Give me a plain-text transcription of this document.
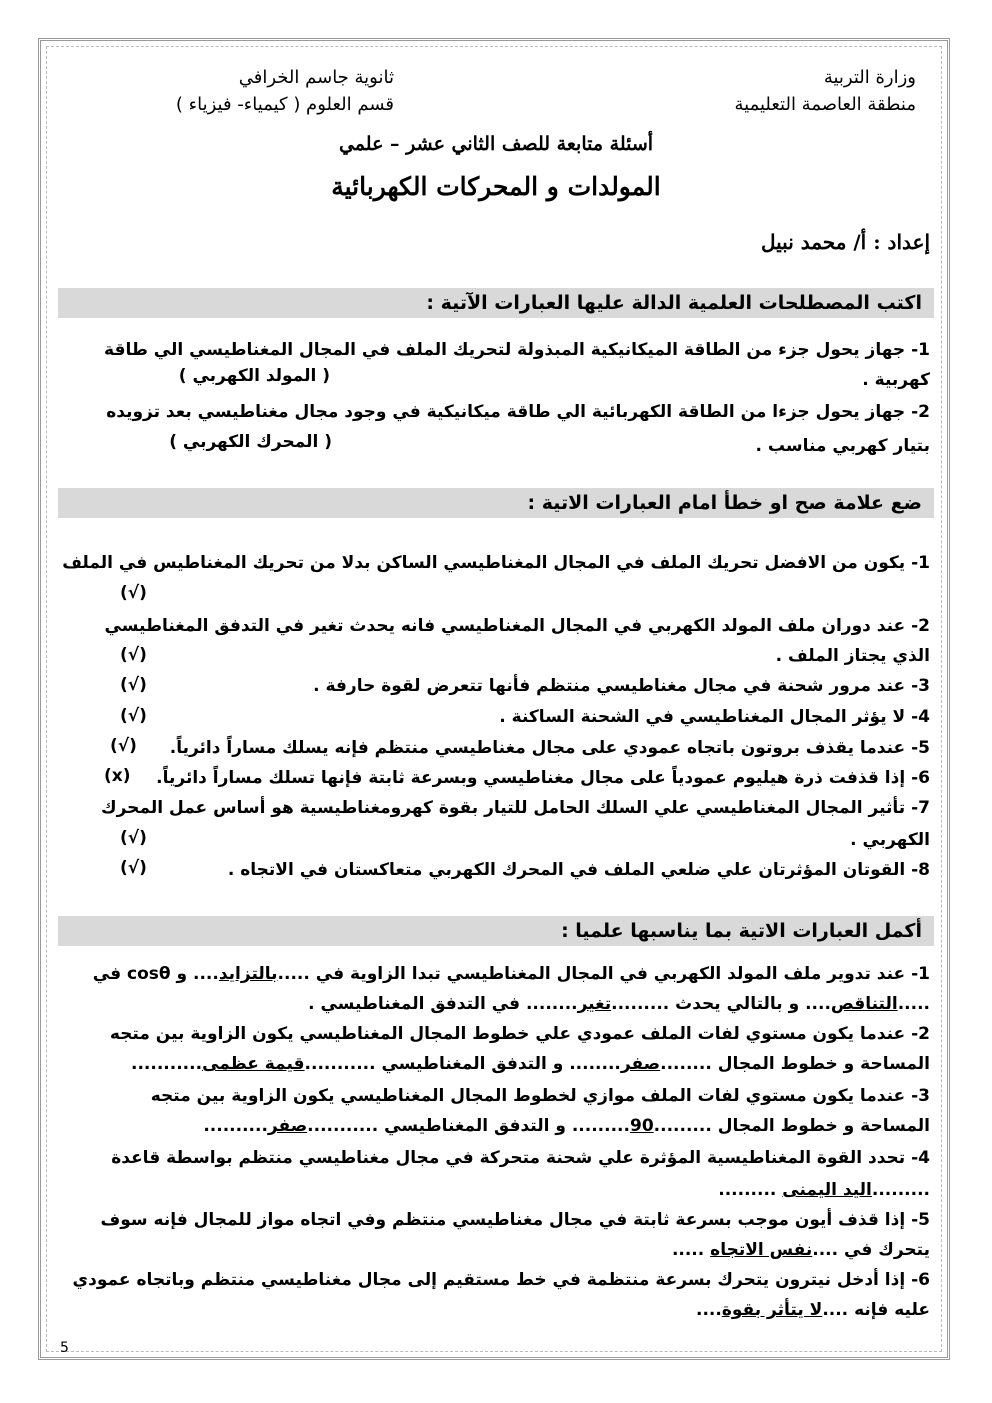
وزارة التربية
منطقة العاصمة التعليمية
ثانوية جاسم الخرافي
قسم العلوم ( كيمياء- فيزياء )
أسئلة متابعة للصف الثاني عشر – علمي
المولدات و المحركات الكهربائية
إعداد : أ/ محمد نبيل
اكتب المصطلحات العلمية الدالة عليها العبارات الآتية :
1- جهاز يحول جزء من الطاقة الميكانيكية المبذولة لتحريك الملف في المجال المغناطيسي الي طاقة
كهربية .
( المولد الكهربي )
2- جهاز يحول جزءا من الطاقة الكهربائية الي طاقة ميكانيكية في وجود مجال مغناطيسي بعد تزويده
بتيار كهربي مناسب .
( المحرك الكهربي )
ضع علامة صح او خطأ امام العبارات الاتية :
1- يكون من الافضل تحريك الملف في المجال المغناطيسي الساكن بدلا من تحريك المغناطيس في الملف
(√)
2- عند دوران ملف المولد الكهربي في المجال المغناطيسي فانه يحدث تغير في التدفق المغناطيسي
الذي يجتاز الملف .
(√)
3- عند مرور شحنة في مجال مغناطيسي منتظم فأنها تتعرض لقوة حارفة .
(√)
4- لا يؤثر المجال المغناطيسي في الشحنة الساكنة .
(√)
5- عندما يقذف بروتون باتجاه عمودي على مجال مغناطيسي منتظم فإنه يسلك مساراً دائرياً.
(√)
6- إذا قذفت ذرة هيليوم عمودياً على مجال مغناطيسي وبسرعة ثابتة فإنها تسلك مساراً دائرياً.
(x)
7- تأثير المجال المغناطيسي علي السلك الحامل للتيار بقوة كهرومغناطيسية هو أساس عمل المحرك
الكهربي .
(√)
8- القوتان المؤثرتان علي ضلعي الملف في المحرك الكهربي متعاكستان في الاتجاه .
(√)
أكمل العبارات الاتية بما يناسبها علميا :
1- عند تدوير ملف المولد الكهربي في المجال المغناطيسي تبدا الزاوية في .....بالتزايد.... و cosθ في
.....التناقص.... و بالتالي يحدث .........تغير........ في التدفق المغناطيسي .
2- عندما يكون مستوي لفات الملف عمودي علي خطوط المجال المغناطيسي يكون الزاوية بين متجه
المساحة و خطوط المجال ........صفر........ و التدفق المغناطيسي ...........قيمة عظمى...........
3- عندما يكون مستوي لفات الملف موازي لخطوط المجال المغناطيسي يكون الزاوية بين متجه
المساحة و خطوط المجال .........90......... و التدفق المغناطيسي ...........صفر..........
4- تحدد القوة المغناطيسية المؤثرة علي شحنة متحركة في مجال مغناطيسي منتظم بواسطة قاعدة
.........اليد اليمنى .........
5- إذا قذف أيون موجب بسرعة ثابتة في مجال مغناطيسي منتظم وفي اتجاه مواز للمجال فإنه سوف
يتحرك في ....نفس الاتجاه .....
6- إذا أدخل نيترون يتحرك بسرعة منتظمة في خط مستقيم إلى مجال مغناطيسي منتظم وباتجاه عمودي
عليه فإنه ....لا يتأثر بقوة....
5
